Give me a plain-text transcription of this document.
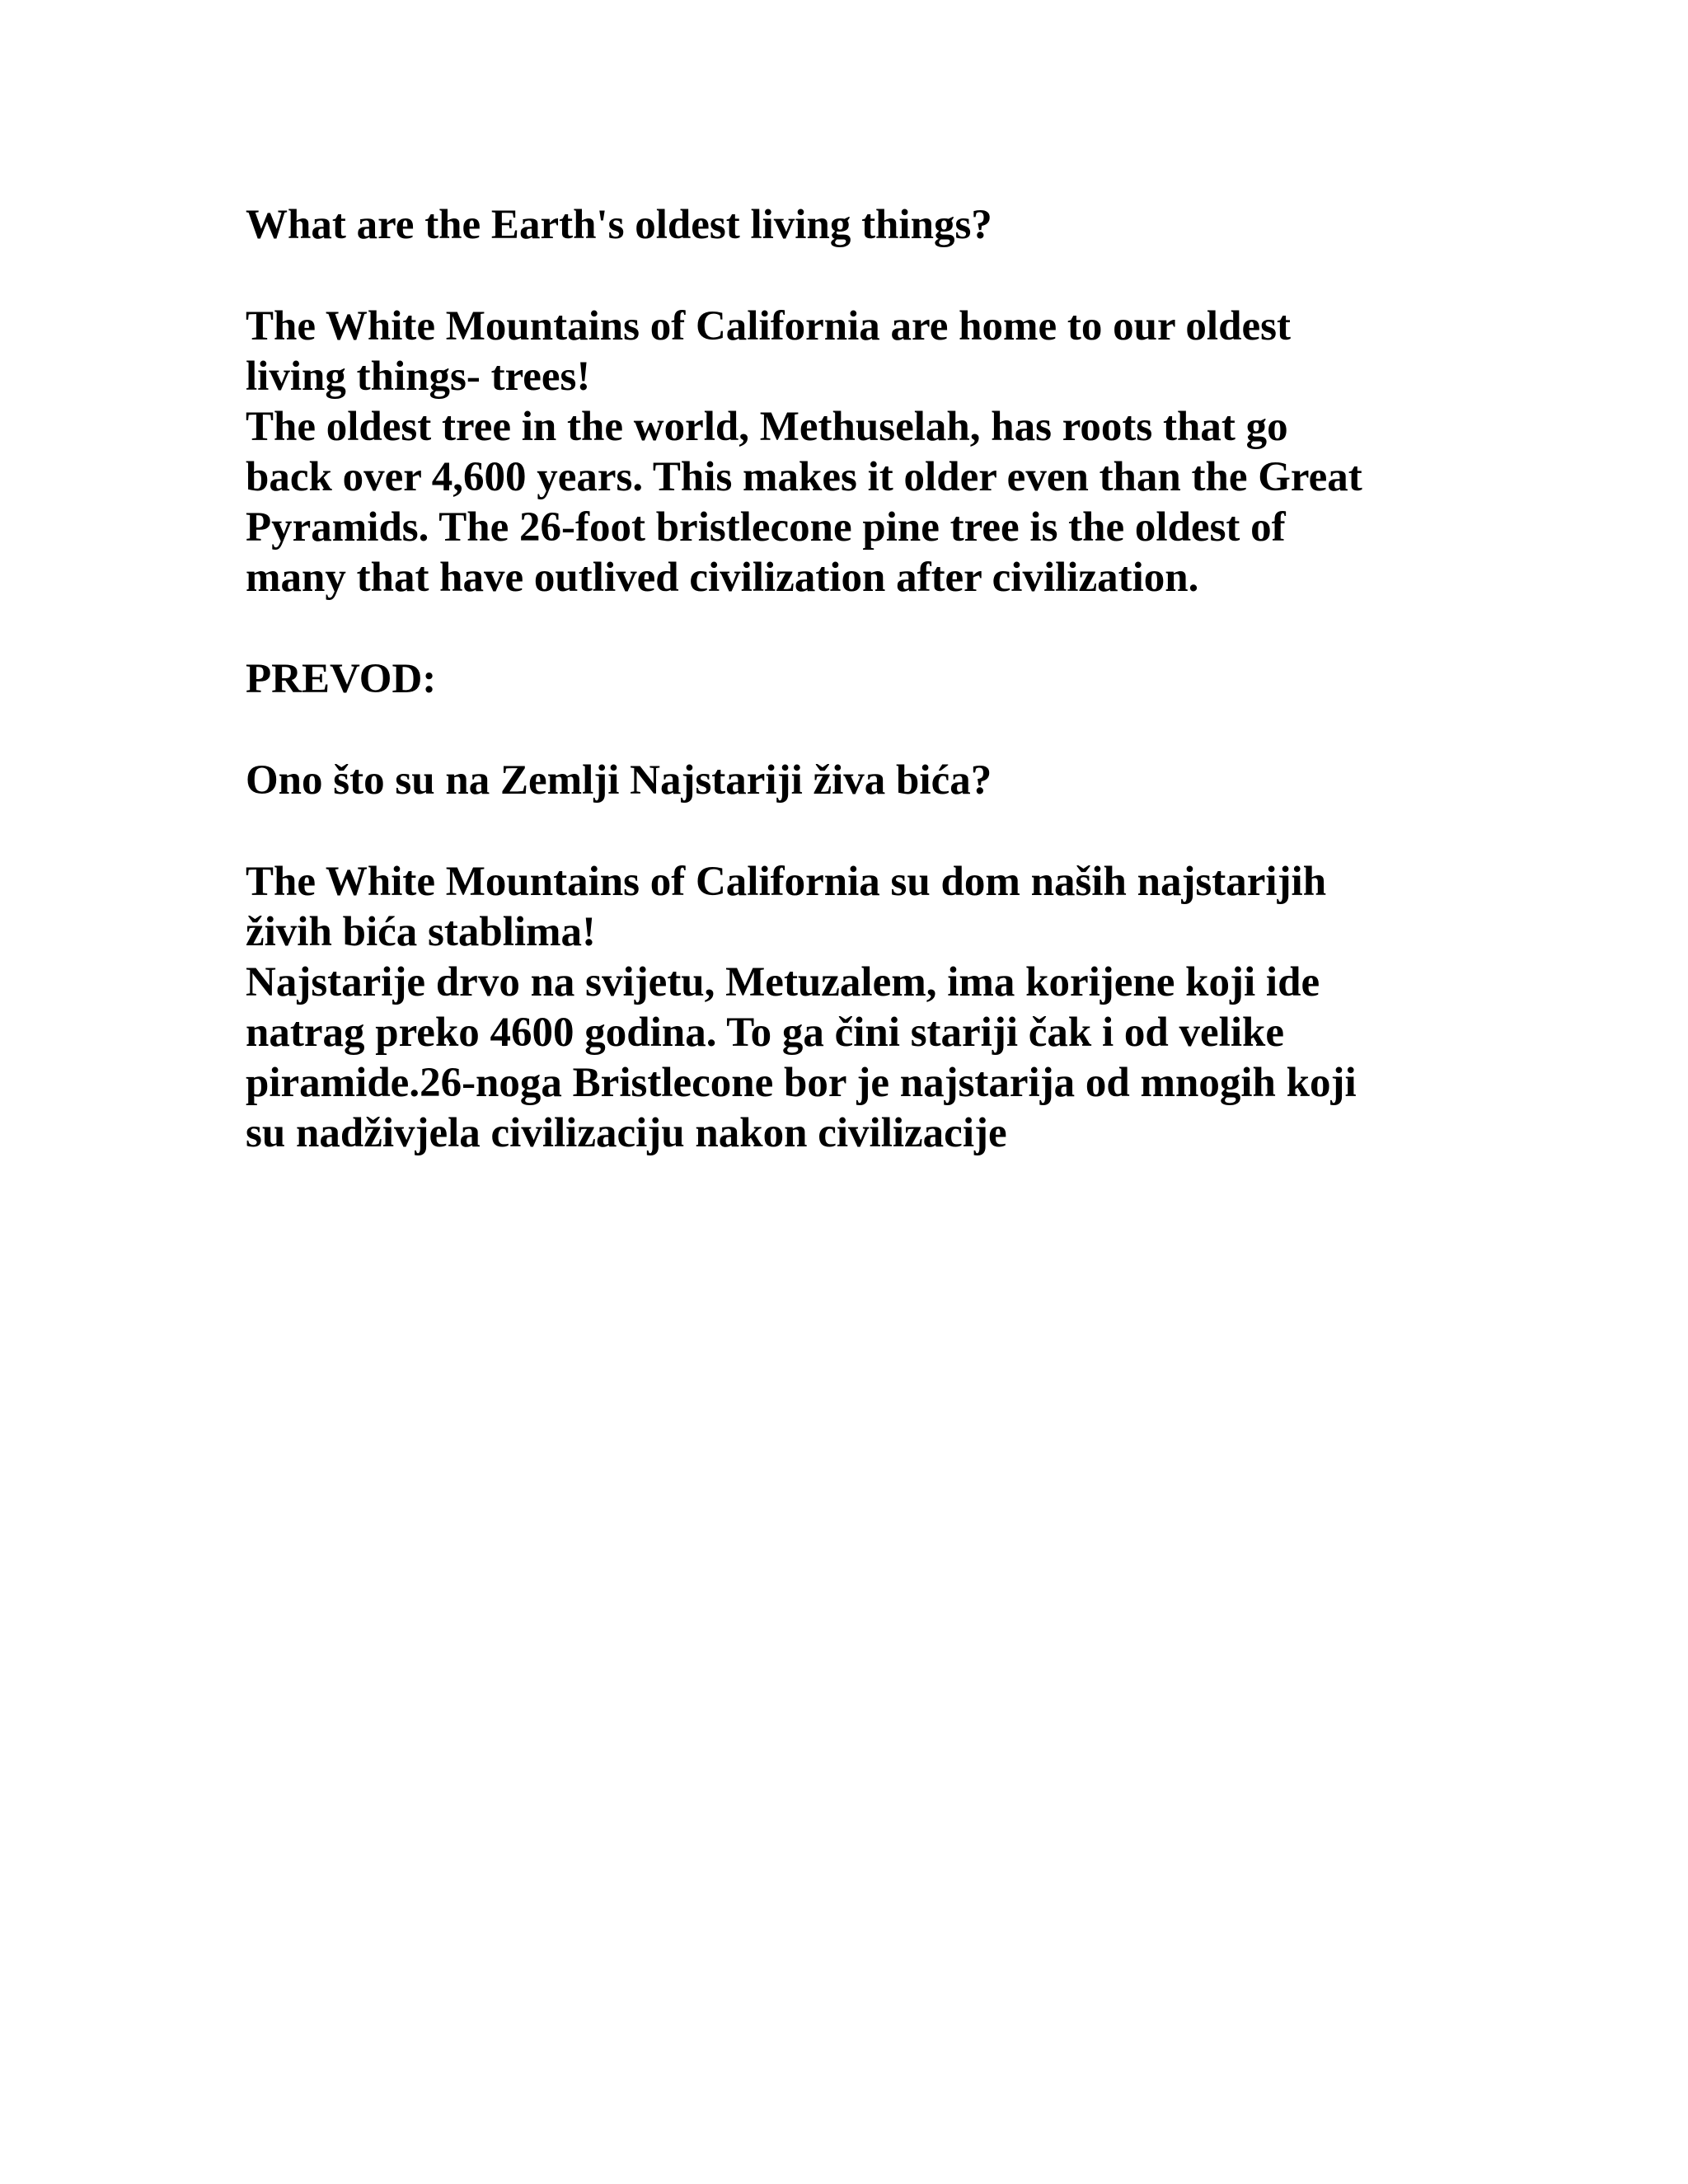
What are the Earth's oldest living things?
The White Mountains of California are home to our oldest
living things- trees!
The oldest tree in the world, Methuselah, has roots that go
back over 4,600 years. This makes it older even than the Great
Pyramids. The 26-foot bristlecone pine tree is the oldest of
many that have outlived civilization after civilization.
PREVOD:
Ono što su na Zemlji Najstariji živa bića?
The White Mountains of California su dom naših najstarijih
živih bića stablima!
Najstarije drvo na svijetu, Metuzalem, ima korijene koji ide
natrag preko 4600 godina. To ga čini stariji čak i od velike
piramide.26-noga Bristlecone bor je najstarija od mnogih koji
su nadživjela civilizaciju nakon civilizacije
